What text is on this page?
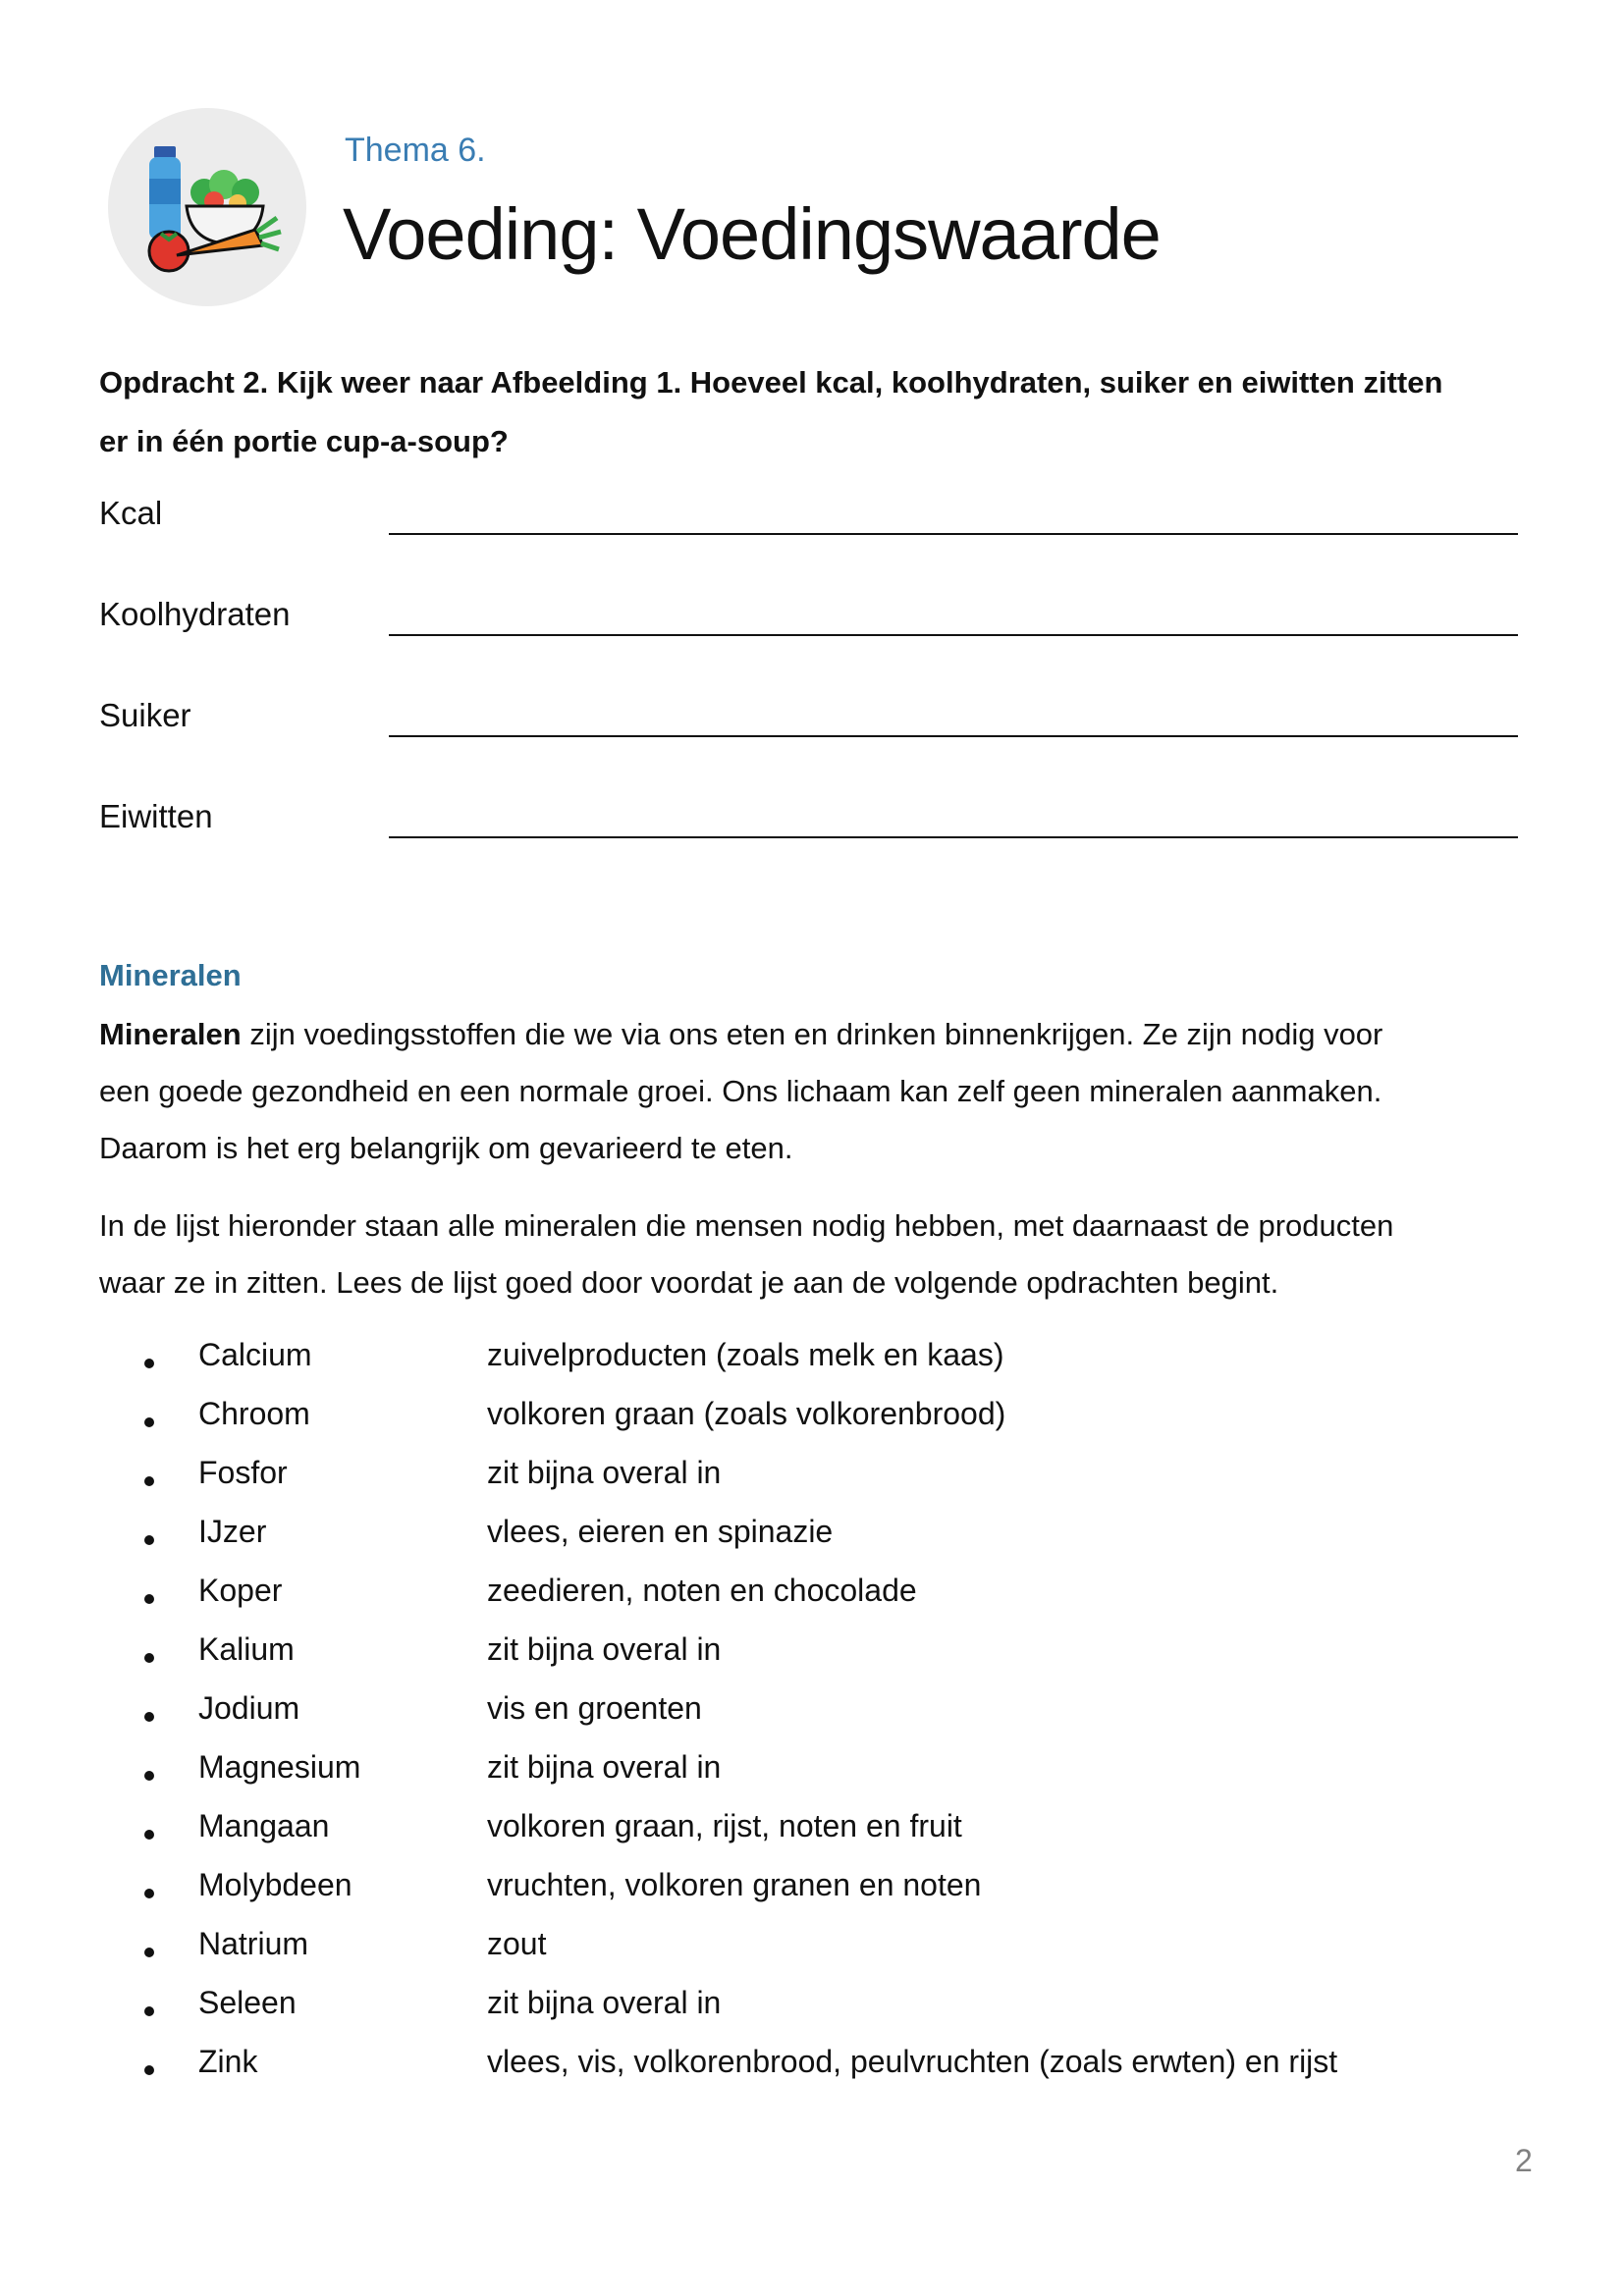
Thema 6.
Voeding: Voedingswaarde
Opdracht 2. Kijk weer naar Afbeelding 1. Hoeveel kcal, koolhydraten, suiker en eiwitten zitten
er in één portie cup-a-soup?
Kcal
Koolhydraten
Suiker
Eiwitten
Mineralen
Mineralen zijn voedingsstoffen die we via ons eten en drinken binnenkrijgen. Ze zijn nodig voor
een goede gezondheid en een normale groei. Ons lichaam kan zelf geen mineralen aanmaken.
Daarom is het erg belangrijk om gevarieerd te eten.
In de lijst hieronder staan alle mineralen die mensen nodig hebben, met daarnaast de producten
waar ze in zitten. Lees de lijst goed door voordat je aan de volgende opdrachten begint.
Calcium	zuivelproducten (zoals melk en kaas)
Chroom	volkoren graan (zoals volkorenbrood)
Fosfor	zit bijna overal in
IJzer	vlees, eieren en spinazie
Koper	zeedieren, noten en chocolade
Kalium	zit bijna overal in
Jodium	vis en groenten
Magnesium	zit bijna overal in
Mangaan	volkoren graan, rijst, noten en fruit
Molybdeen	vruchten, volkoren granen en noten
Natrium	zout
Seleen	zit bijna overal in
Zink	vlees, vis, volkorenbrood, peulvruchten (zoals erwten) en rijst
2
